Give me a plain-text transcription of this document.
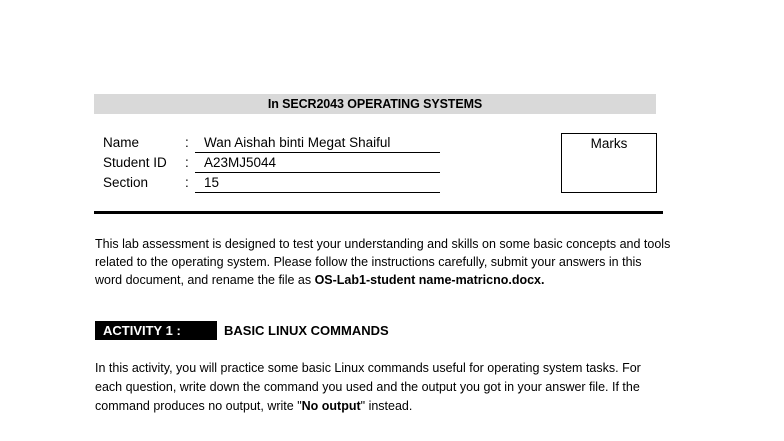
In SECR2043 OPERATING SYSTEMS
Name	:	Wan Aishah binti Megat Shaiful
Student ID :	A23MJ5044
Section	:	15
Marks
This lab assessment is designed to test your understanding and skills on some basic concepts and tools
related to the operating system. Please follow the instructions carefully, submit your answers in this
word document, and rename the file as OS-Lab1-student name-matricno.docx.
ACTIVITY 1 :	BASIC LINUX COMMANDS
In this activity, you will practice some basic Linux commands useful for operating system tasks. For
each question, write down the command you used and the output you got in your answer file. If the
command produces no output, write "No output" instead.
